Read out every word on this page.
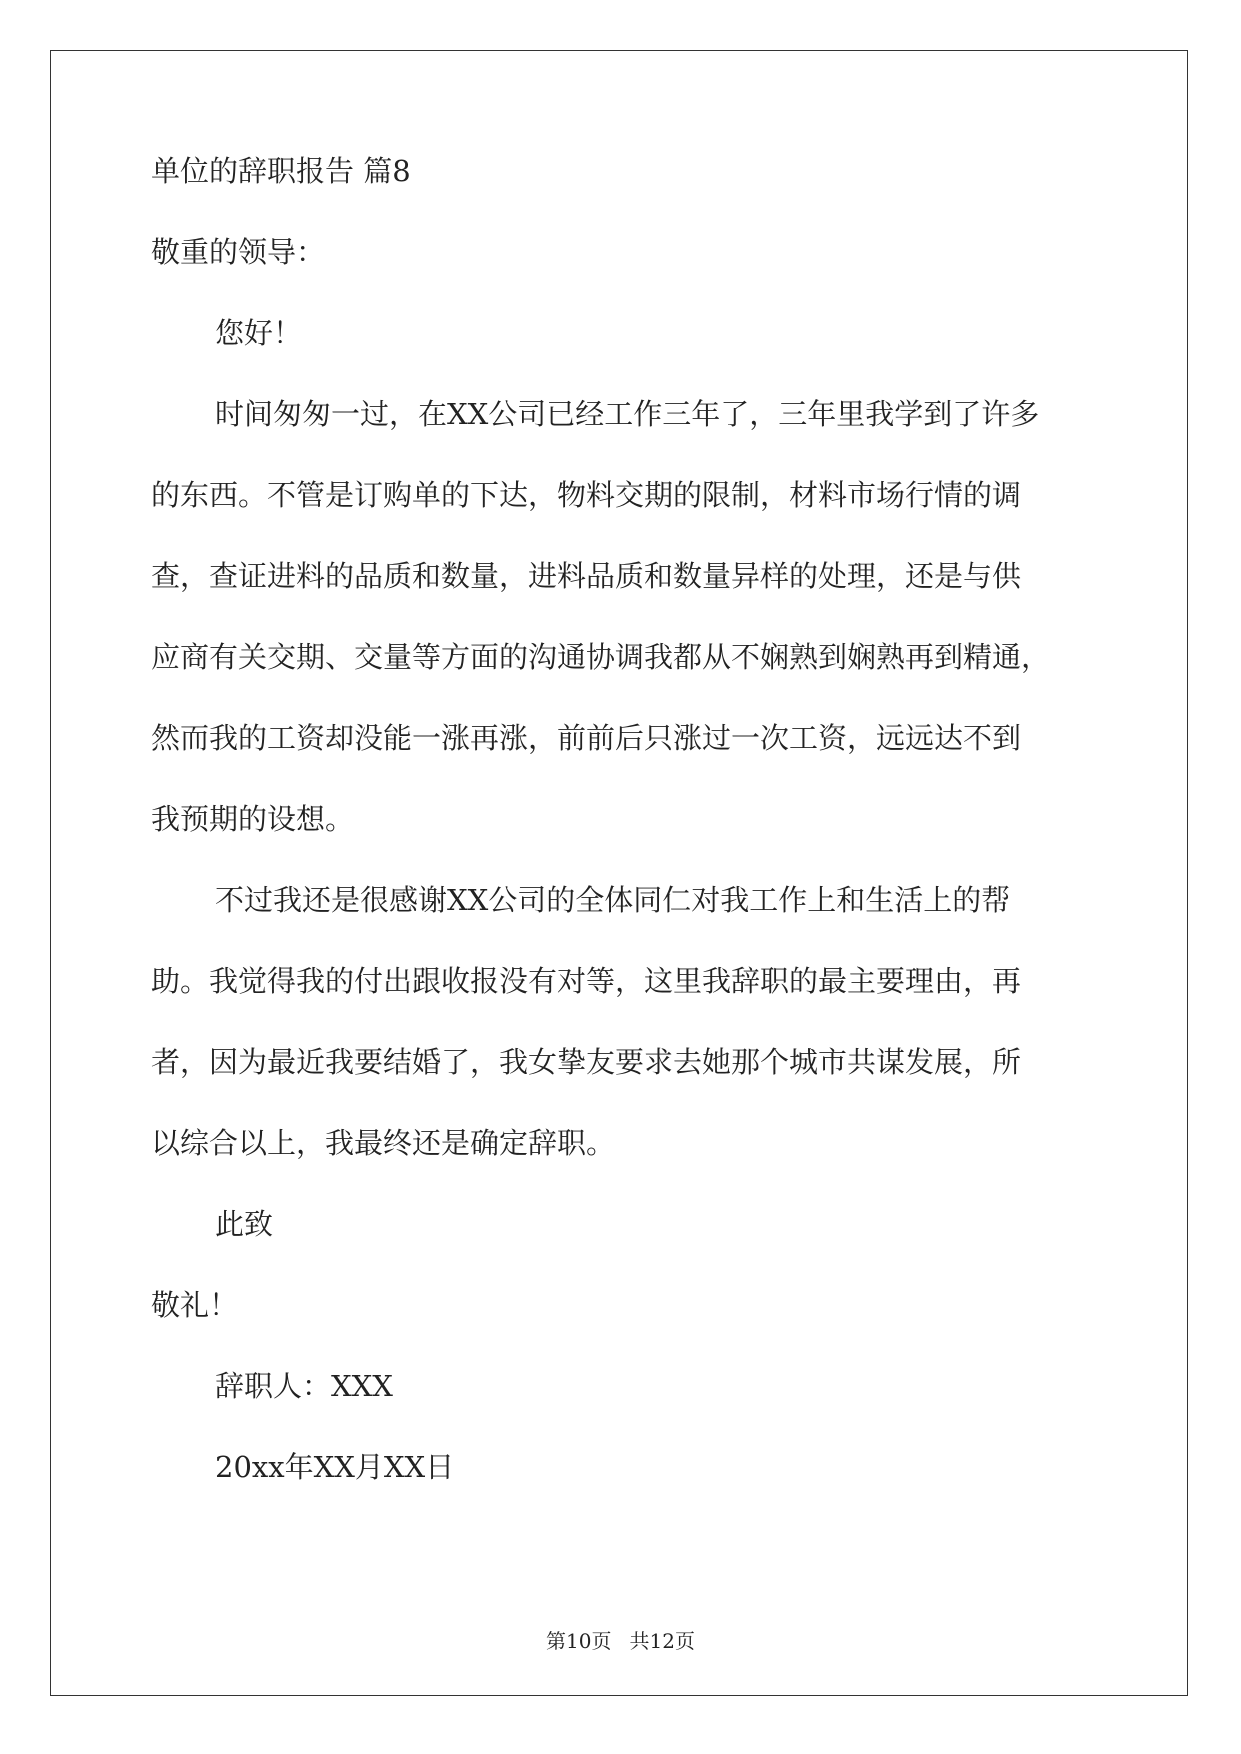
单位的辞职报告 篇8

敬重的领导：

您好！

时间匆匆一过，在XX公司已经工作三年了，三年里我学到了许多

的东西。不管是订购单的下达，物料交期的限制，材料市场行情的调

查，查证进料的品质和数量，进料品质和数量异样的处理，还是与供

应商有关交期、交量等方面的沟通协调我都从不娴熟到娴熟再到精通，

然而我的工资却没能一涨再涨，前前后只涨过一次工资，远远达不到

我预期的设想。

不过我还是很感谢XX公司的全体同仁对我工作上和生活上的帮

助。我觉得我的付出跟收报没有对等，这里我辞职的最主要理由，再

者，因为最近我要结婚了，我女挚友要求去她那个城市共谋发展，所

以综合以上，我最终还是确定辞职。

此致

敬礼！

辞职人：XXX

20xx年XX月XX日

第10页 共12页
